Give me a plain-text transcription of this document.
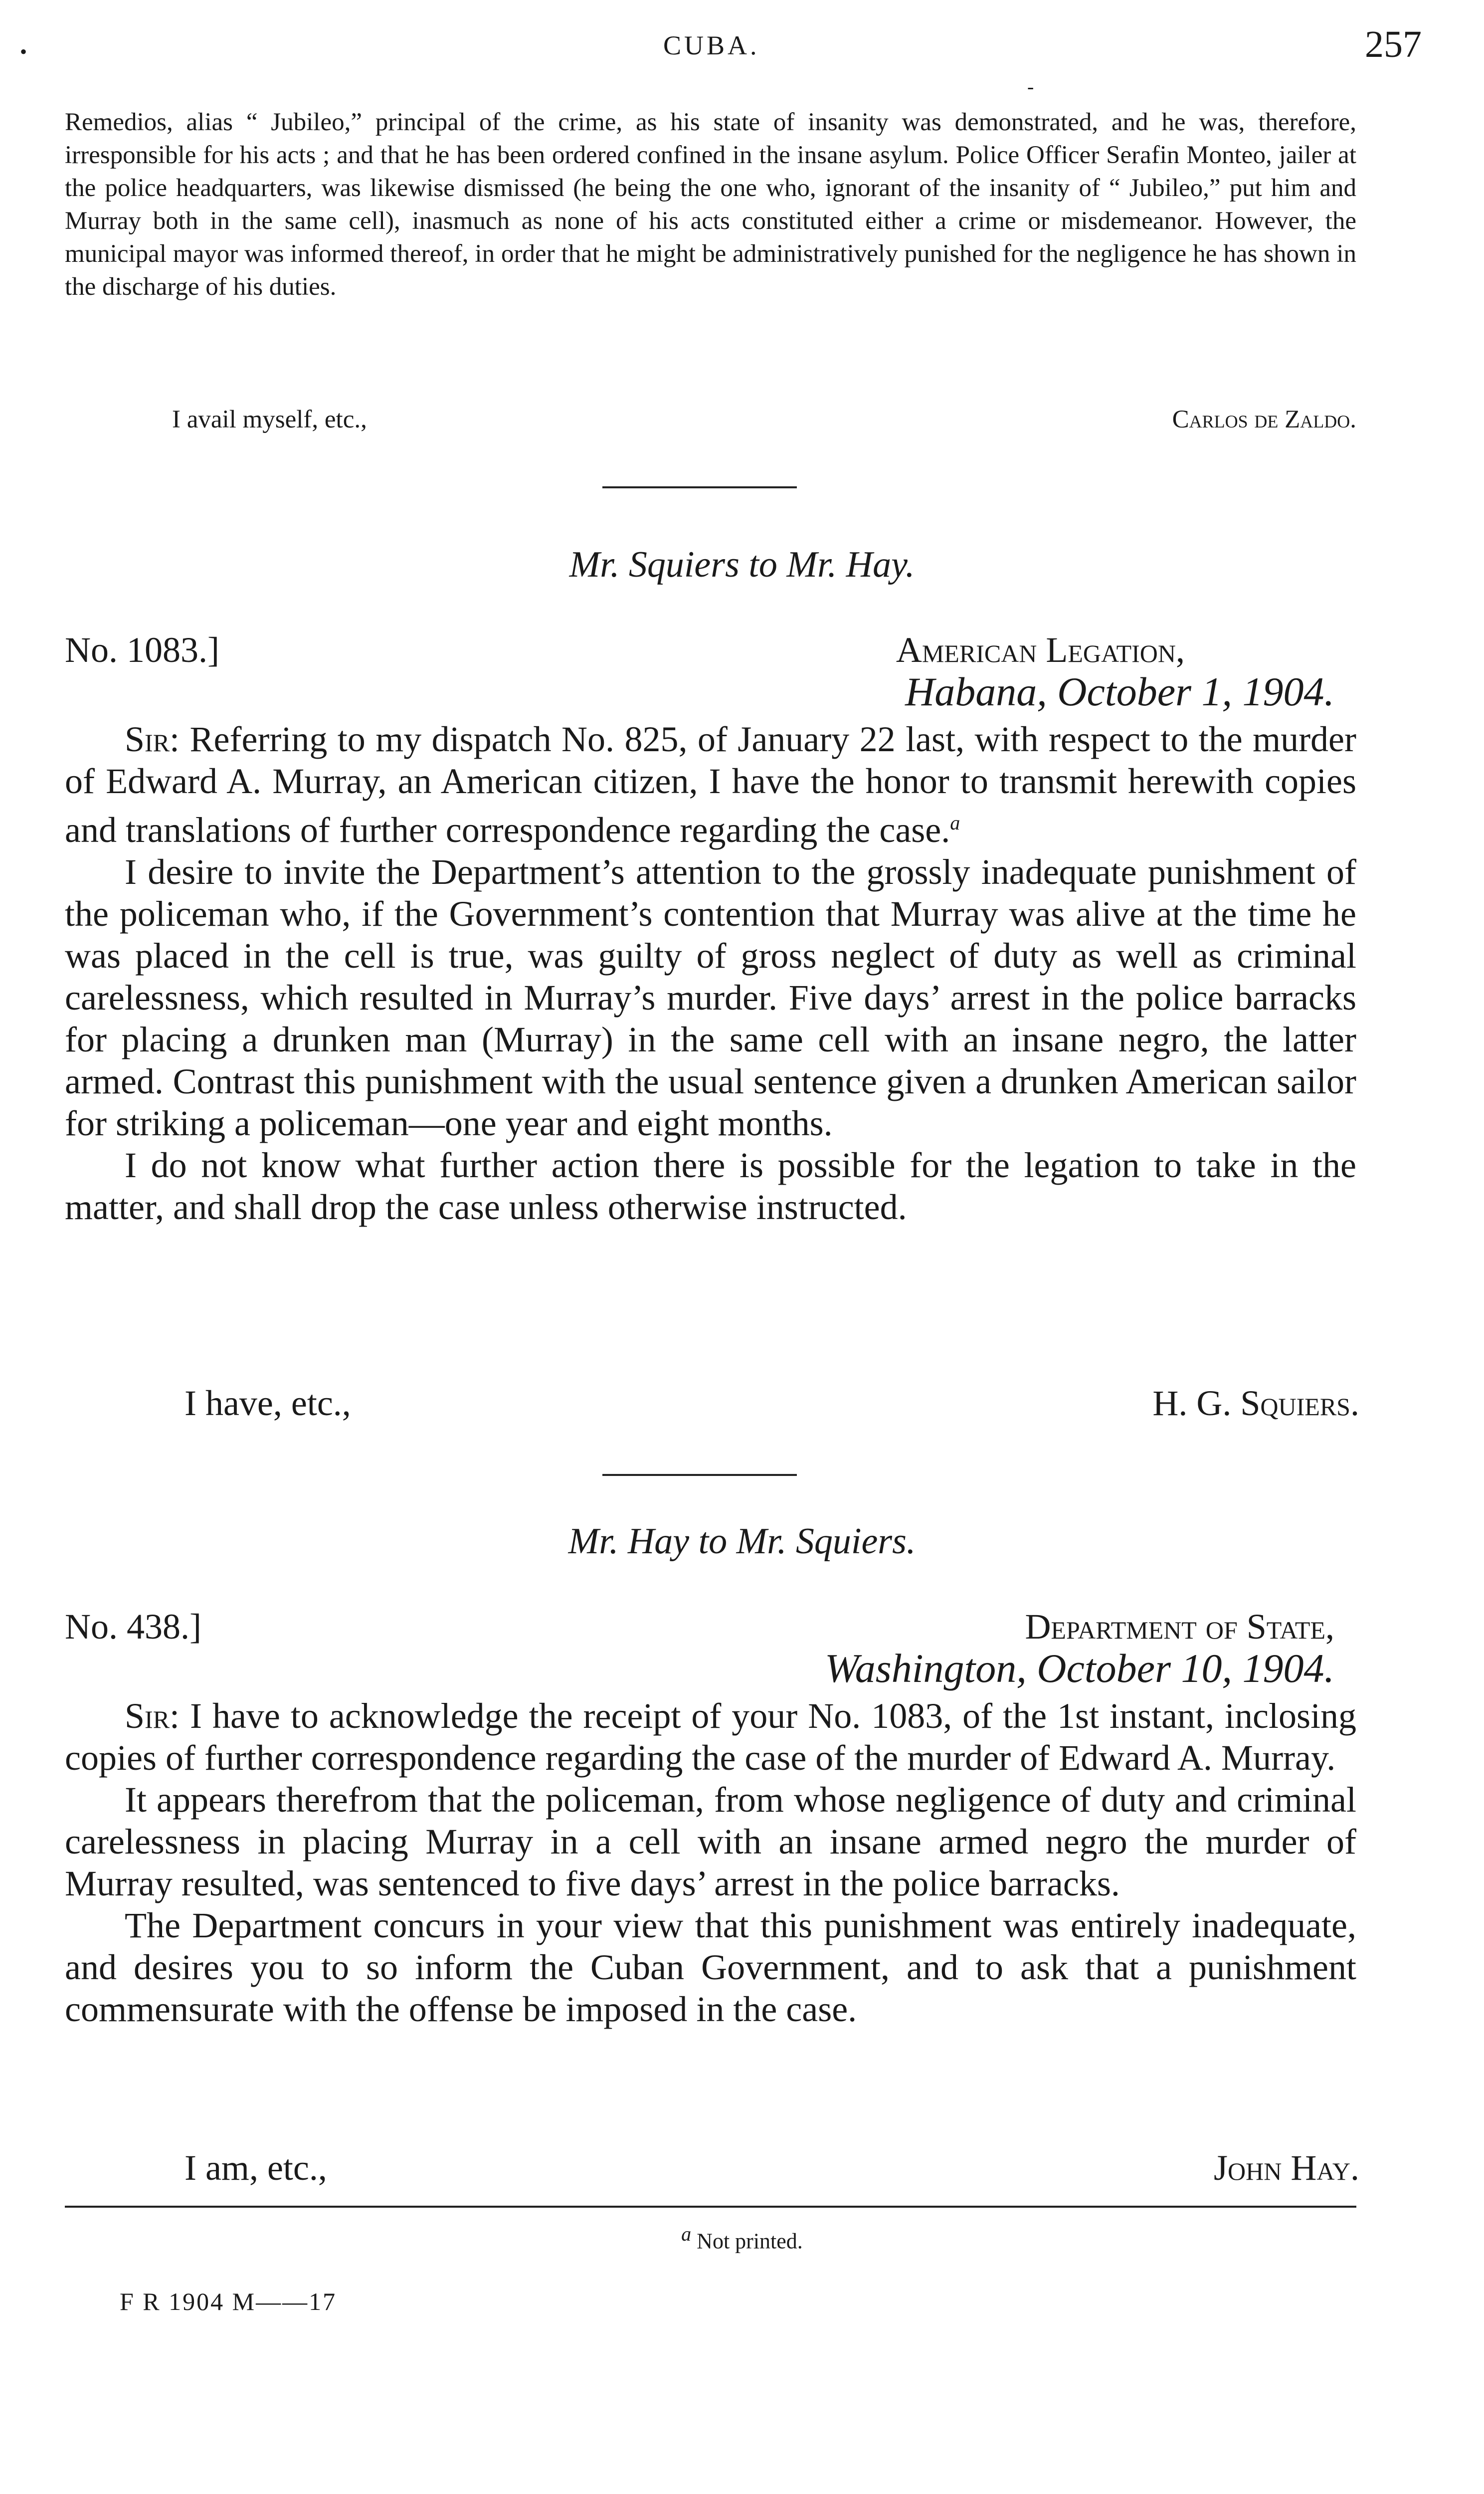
•	CUBA.	257
-

Remedios, alias “ Jubileo,” principal of the crime, as his state of insanity was demonstrated, and he was, therefore, irresponsible for his acts ; and that he has been ordered confined in the insane asylum. Police Officer Serafin Monteo, jailer at the police headquarters, was likewise dismissed (he being the one who, ignorant of the insanity of “ Jubileo,” put him and Murray both in the same cell), inasmuch as none of his acts constituted either a crime or misdemeanor. However, the municipal mayor was informed thereof, in order that he might be administratively punished for the negligence he has shown in the discharge of his duties.

I avail myself, etc.,	Carlos de Zaldo.
Mr. Squiers to Mr. Hay.
No. 1083.]	American Legation,
Habana, October 1, 1904.

Sir: Referring to my dispatch No. 825, of January 22 last, with respect to the murder of Edward A. Murray, an American citizen, I have the honor to transmit herewith copies and translations of further correspondence regarding the case.$^a$

I desire to invite the Department’s attention to the grossly inadequate punishment of the policeman who, if the Government’s contention that Murray was alive at the time he was placed in the cell is true, was guilty of gross neglect of duty as well as criminal carelessness, which resulted in Murray’s murder. Five days’ arrest in the police barracks for placing a drunken man (Murray) in the same cell with an insane negro, the latter armed. Contrast this punishment with the usual sentence given a drunken American sailor for striking a policeman—one year and eight months.

I do not know what further action there is possible for the legation to take in the matter, and shall drop the case unless otherwise instructed.

I have, etc.,	H. G. Squiers.
Mr. Hay to Mr. Squiers.
No. 438.]	Department of State,
Washington, October 10, 1904.

Sir: I have to acknowledge the receipt of your No. 1083, of the 1st instant, inclosing copies of further correspondence regarding the case of the murder of Edward A. Murray.

It appears therefrom that the policeman, from whose negligence of duty and criminal carelessness in placing Murray in a cell with an insane armed negro the murder of Murray resulted, was sentenced to five days’ arrest in the police barracks.

The Department concurs in your view that this punishment was entirely inadequate, and desires you to so inform the Cuban Government, and to ask that a punishment commensurate with the offense be imposed in the case.

I am, etc.,	John Hay.
a Not printed.
F R 1904 M——17
